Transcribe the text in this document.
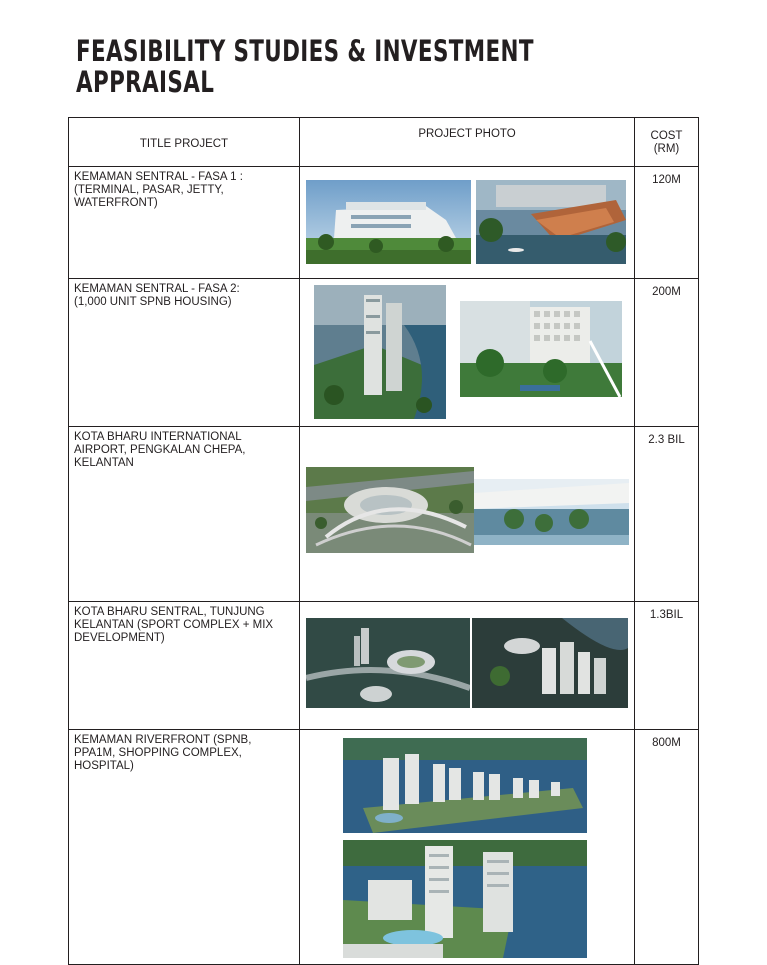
FEASIBILITY STUDIES & INVESTMENT
APPRAISAL
TITLE PROJECT	PROJECT PHOTO	COST
(RM)

KEMAMAN SENTRAL - FASA 1 :
(TERMINAL, PASAR, JETTY,
WATERFRONT)		120M
KEMAMAN SENTRAL - FASA 2:
(1,000 UNIT SPNB HOUSING)		200M
KOTA BHARU INTERNATIONAL
AIRPORT, PENGKALAN CHEPA,
KELANTAN		2.3 BIL
KOTA BHARU SENTRAL, TUNJUNG
KELANTAN (SPORT COMPLEX + MIX
DEVELOPMENT)		1.3BIL
KEMAMAN RIVERFRONT (SPNB,
PPA1M, SHOPPING COMPLEX,
HOSPITAL)		800M
